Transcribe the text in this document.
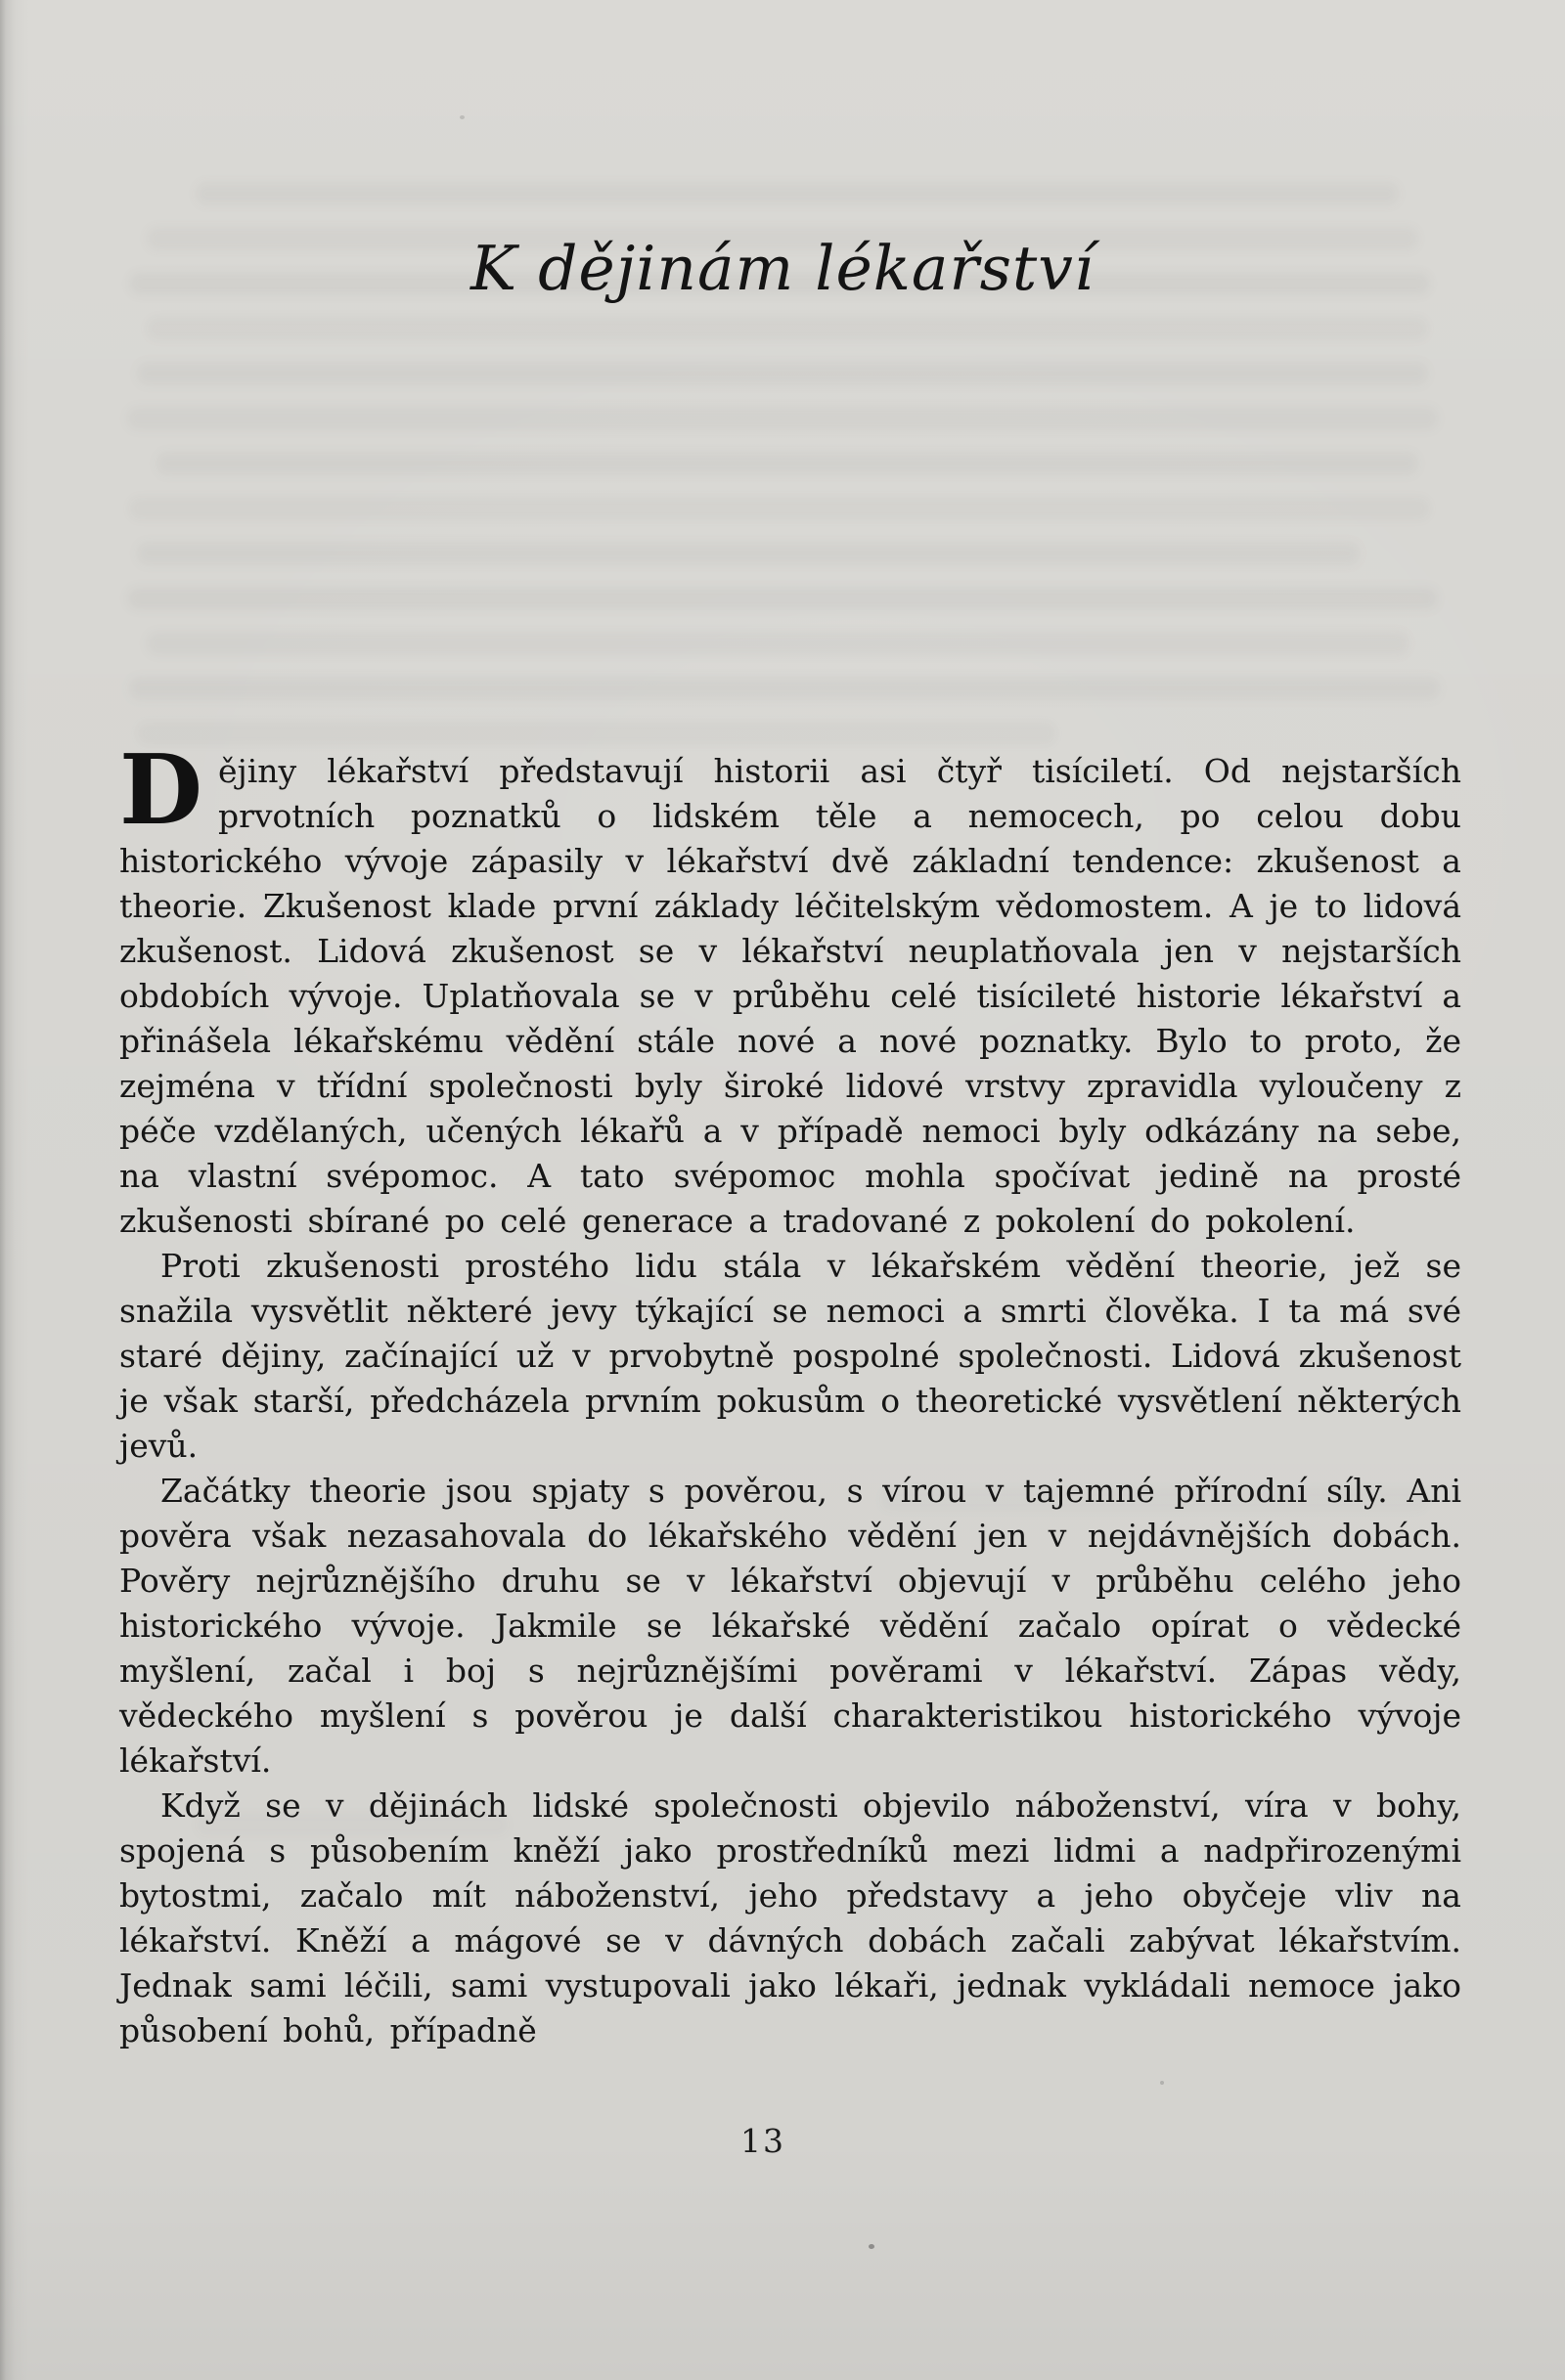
K dějinám lékařství

Dějiny lékařství představují historii asi čtyř tisíciletí. Od nejstarších prvotních poznatků o lidském těle a nemocech, po celou dobu historického vývoje zápasily v lékařství dvě základní tendence: zkušenost a theorie. Zkušenost klade první základy léčitelským vědomostem. A je to lidová zkušenost. Lidová zkušenost se v lékařství neuplatňovala jen v nejstarších obdobích vývoje. Uplatňovala se v průběhu celé tisícileté historie lékařství a přinášela lékařskému vědění stále nové a nové poznatky. Bylo to proto, že zejména v třídní společnosti byly široké lidové vrstvy zpravidla vyloučeny z péče vzdělaných, učených lékařů a v případě nemoci byly odkázány na sebe, na vlastní svépomoc. A tato svépomoc mohla spočívat jedině na prosté zkušenosti sbírané po celé generace a tradované z pokolení do pokolení.

Proti zkušenosti prostého lidu stála v lékařském vědění theorie, jež se snažila vysvětlit některé jevy týkající se nemoci a smrti člověka. I ta má své staré dějiny, začínající už v prvobytně pospolné společnosti. Lidová zkušenost je však starší, předcházela prvním pokusům o theoretické vysvětlení některých jevů.

Začátky theorie jsou spjaty s pověrou, s vírou v tajemné přírodní síly. Ani pověra však nezasahovala do lékařského vědění jen v nejdávnějších dobách. Pověry nejrůznějšího druhu se v lékařství objevují v průběhu celého jeho historického vývoje. Jakmile se lékařské vědění začalo opírat o vědecké myšlení, začal i boj s nejrůznějšími pověrami v lékařství. Zápas vědy, vědeckého myšlení s pověrou je další charakteristikou historického vývoje lékařství.

Když se v dějinách lidské společnosti objevilo náboženství, víra v bohy, spojená s působením kněží jako prostředníků mezi lidmi a nadpřirozenými bytostmi, začalo mít náboženství, jeho představy a jeho obyčeje vliv na lékařství. Kněží a mágové se v dávných dobách začali zabývat lékařstvím. Jednak sami léčili, sami vystupovali jako lékaři, jednak vykládali nemoce jako působení bohů, případně

13
